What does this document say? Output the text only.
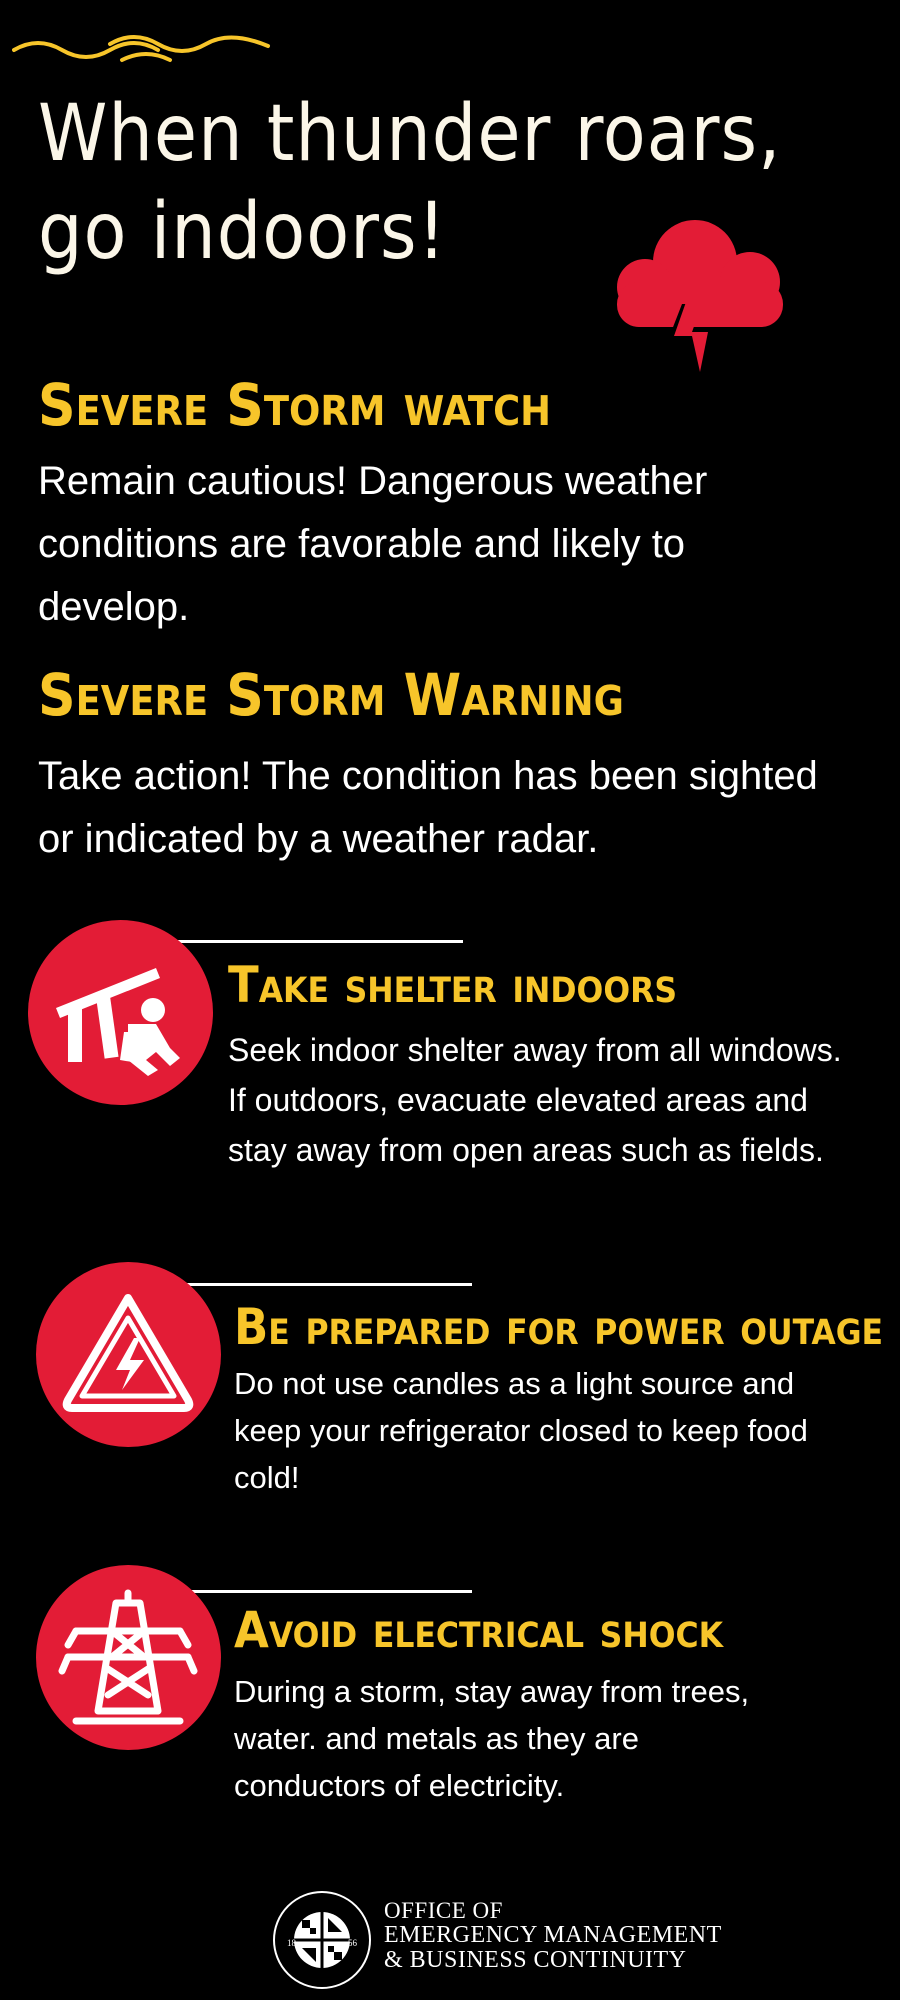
When thunder roars, go indoors!
Severe Storm watch

Remain cautious! Dangerous weather conditions are favorable and likely to develop.

Severe Storm Warning

Take action! The condition has been sighted or indicated by a weather radar.

Take shelter indoors

Seek indoor shelter away from all windows. If outdoors, evacuate elevated areas and stay away from open areas such as fields.

Be prepared for power outage

Do not use candles as a light source and keep your refrigerator closed to keep food cold!

Avoid electrical shock

During a storm, stay away from trees, water. and metals as they are conductors of electricity.

18	56
OFFICE OF
EMERGENCY MANAGEMENT
& BUSINESS CONTINUITY
